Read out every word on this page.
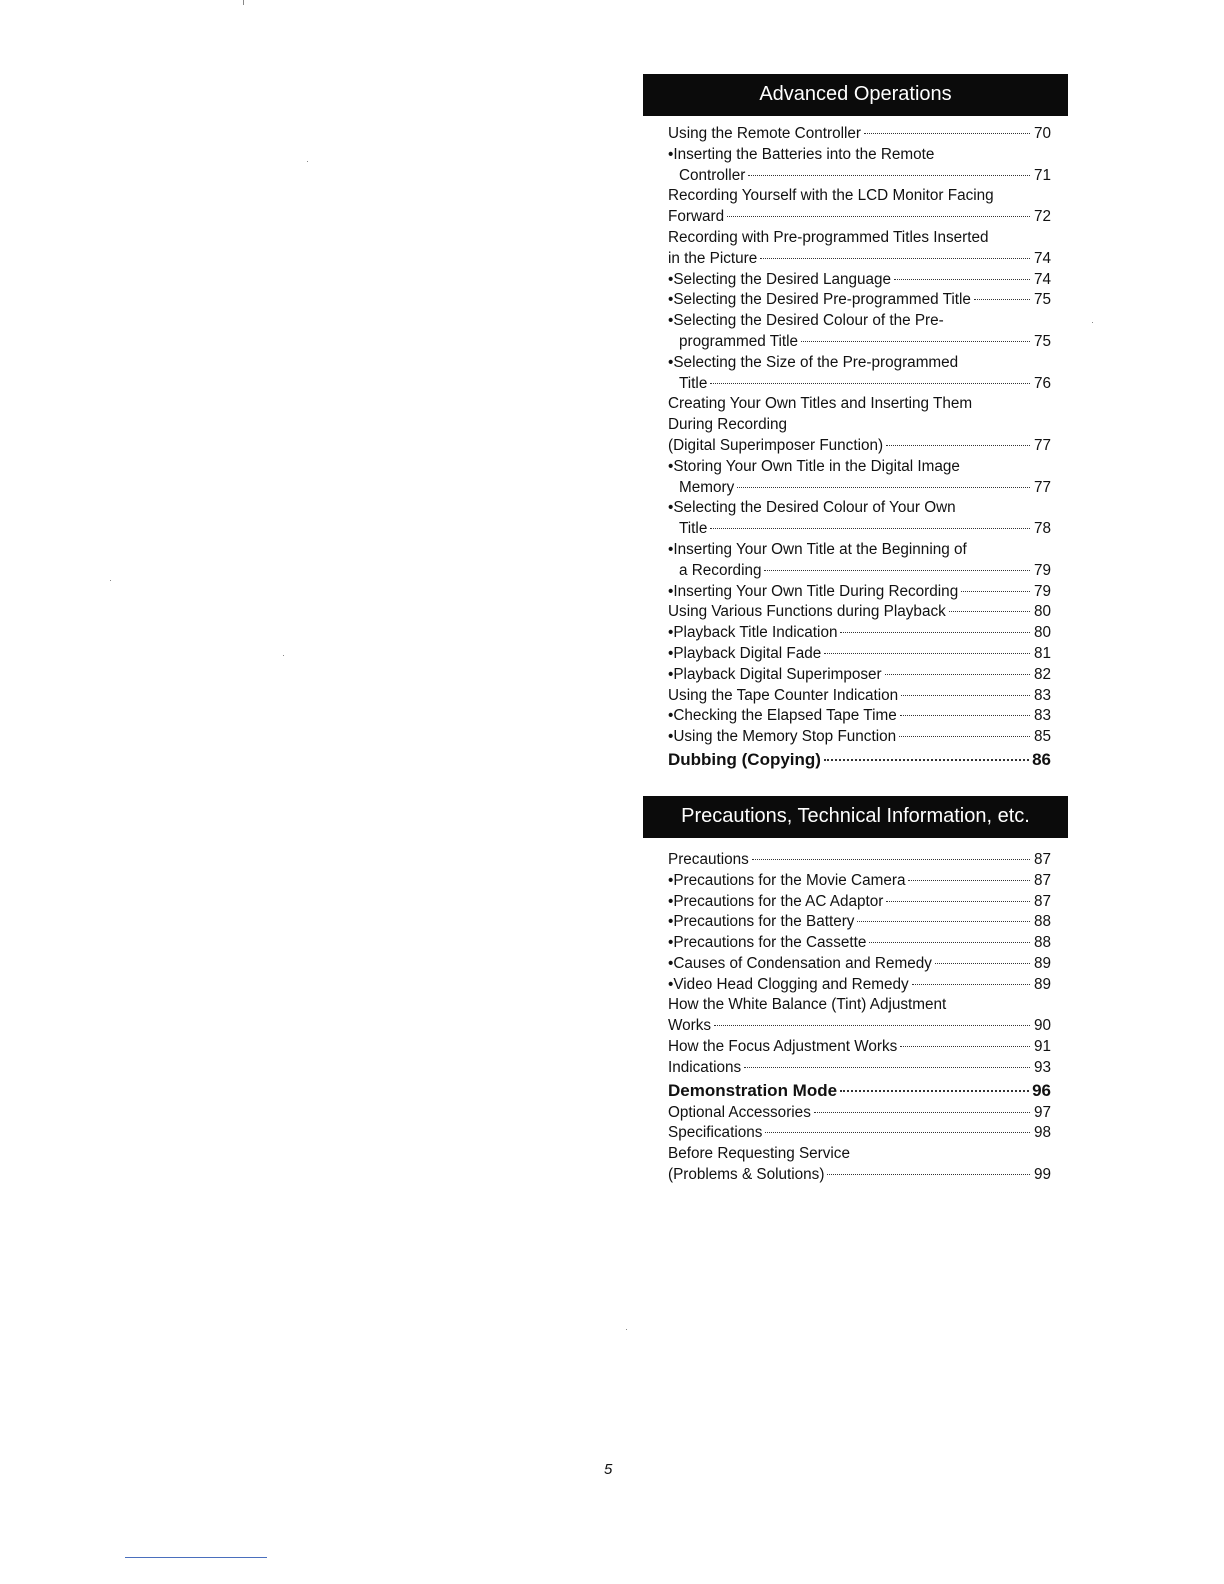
Advanced Operations
Using the Remote Controller	70
•Inserting the Batteries into the Remote
Controller	71
Recording Yourself with the LCD Monitor Facing
Forward	72
Recording with Pre-programmed Titles Inserted
in the Picture	74
•Selecting the Desired Language	74
•Selecting the Desired Pre-programmed Title	75
•Selecting the Desired Colour of the Pre-
programmed Title	75
•Selecting the Size of the Pre-programmed
Title	76
Creating Your Own Titles and Inserting Them
During Recording
(Digital Superimposer Function)	77
•Storing Your Own Title in the Digital Image
Memory	77
•Selecting the Desired Colour of Your Own
Title	78
•Inserting Your Own Title at the Beginning of
a Recording	79
•Inserting Your Own Title During Recording	79
Using Various Functions during Playback	80
•Playback Title Indication	80
•Playback Digital Fade	81
•Playback Digital Superimposer	82
Using the Tape Counter Indication	83
•Checking the Elapsed Tape Time	83
•Using the Memory Stop Function	85
Dubbing (Copying)	86
Precautions, Technical Information, etc.
Precautions	87
•Precautions for the Movie Camera	87
•Precautions for the AC Adaptor	87
•Precautions for the Battery	88
•Precautions for the Cassette	88
•Causes of Condensation and Remedy	89
•Video Head Clogging and Remedy	89
How the White Balance (Tint) Adjustment
Works	90
How the Focus Adjustment Works	91
Indications	93
Demonstration Mode	96
Optional Accessories	97
Specifications	98
Before Requesting Service
(Problems & Solutions)	99
5
